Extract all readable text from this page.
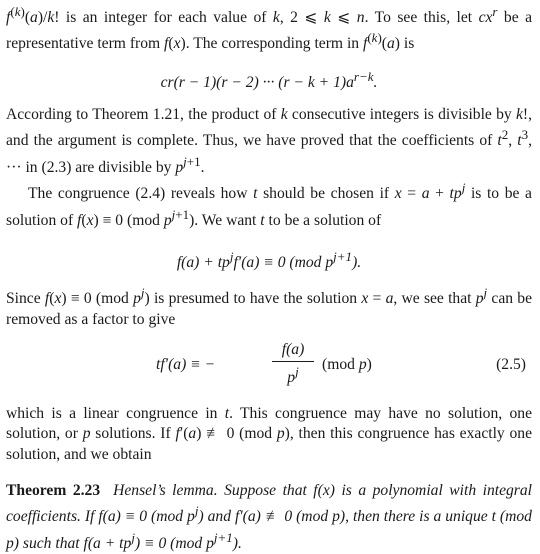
$f^{(k)}(a)/k$! is an integer for each value of k, 2 ⩽ k ⩽ n. To see this, let $cx^r$ be a representative term from f(x). The corresponding term in $f^{(k)}(a)$ is

cr(r − 1)(r − 2) ··· $(r - k + 1)a^{r-k}$.

According to Theorem 1.21, the product of k consecutive integers is divisible by k!, and the argument is complete. Thus, we have proved that the coefficients of $t^2$, $t^3$, ··· in (2.3) are divisible by $p^{j+1}$.

The congruence (2.4) reveals how t should be chosen if $x = a + tp^j$ is to be a solution of f(x) ≡ 0 (mod $p^{j+1}$). We want t to be a solution of

$f(a) + tp^jf'(a) \equiv 0$ (mod $p^{j+1}$).

Since f(x) ≡ 0 (mod $p^j$) is presumed to have the solution x = a, we see that $p^j$ can be removed as a factor to give

tf′(a) ≡ −	$\frac{f(a)}{p^j} (mod$ p)	(2.5)

which is a linear congruence in t. This congruence may have no solution, one solution, or p solutions. If f′(a) ≢ 0 (mod p), then this congruence has exactly one solution, and we obtain

Theorem 2.23  Hensel’s lemma. Suppose that f(x) is a polynomial with integral coefficients. If f(a) ≡ 0 (mod $p^j$) and f′(a) ≢ 0 (mod p), then there is a unique t (mod p) such that $f(a + tp^j) \equiv 0$ (mod $p^{j+1}$).
